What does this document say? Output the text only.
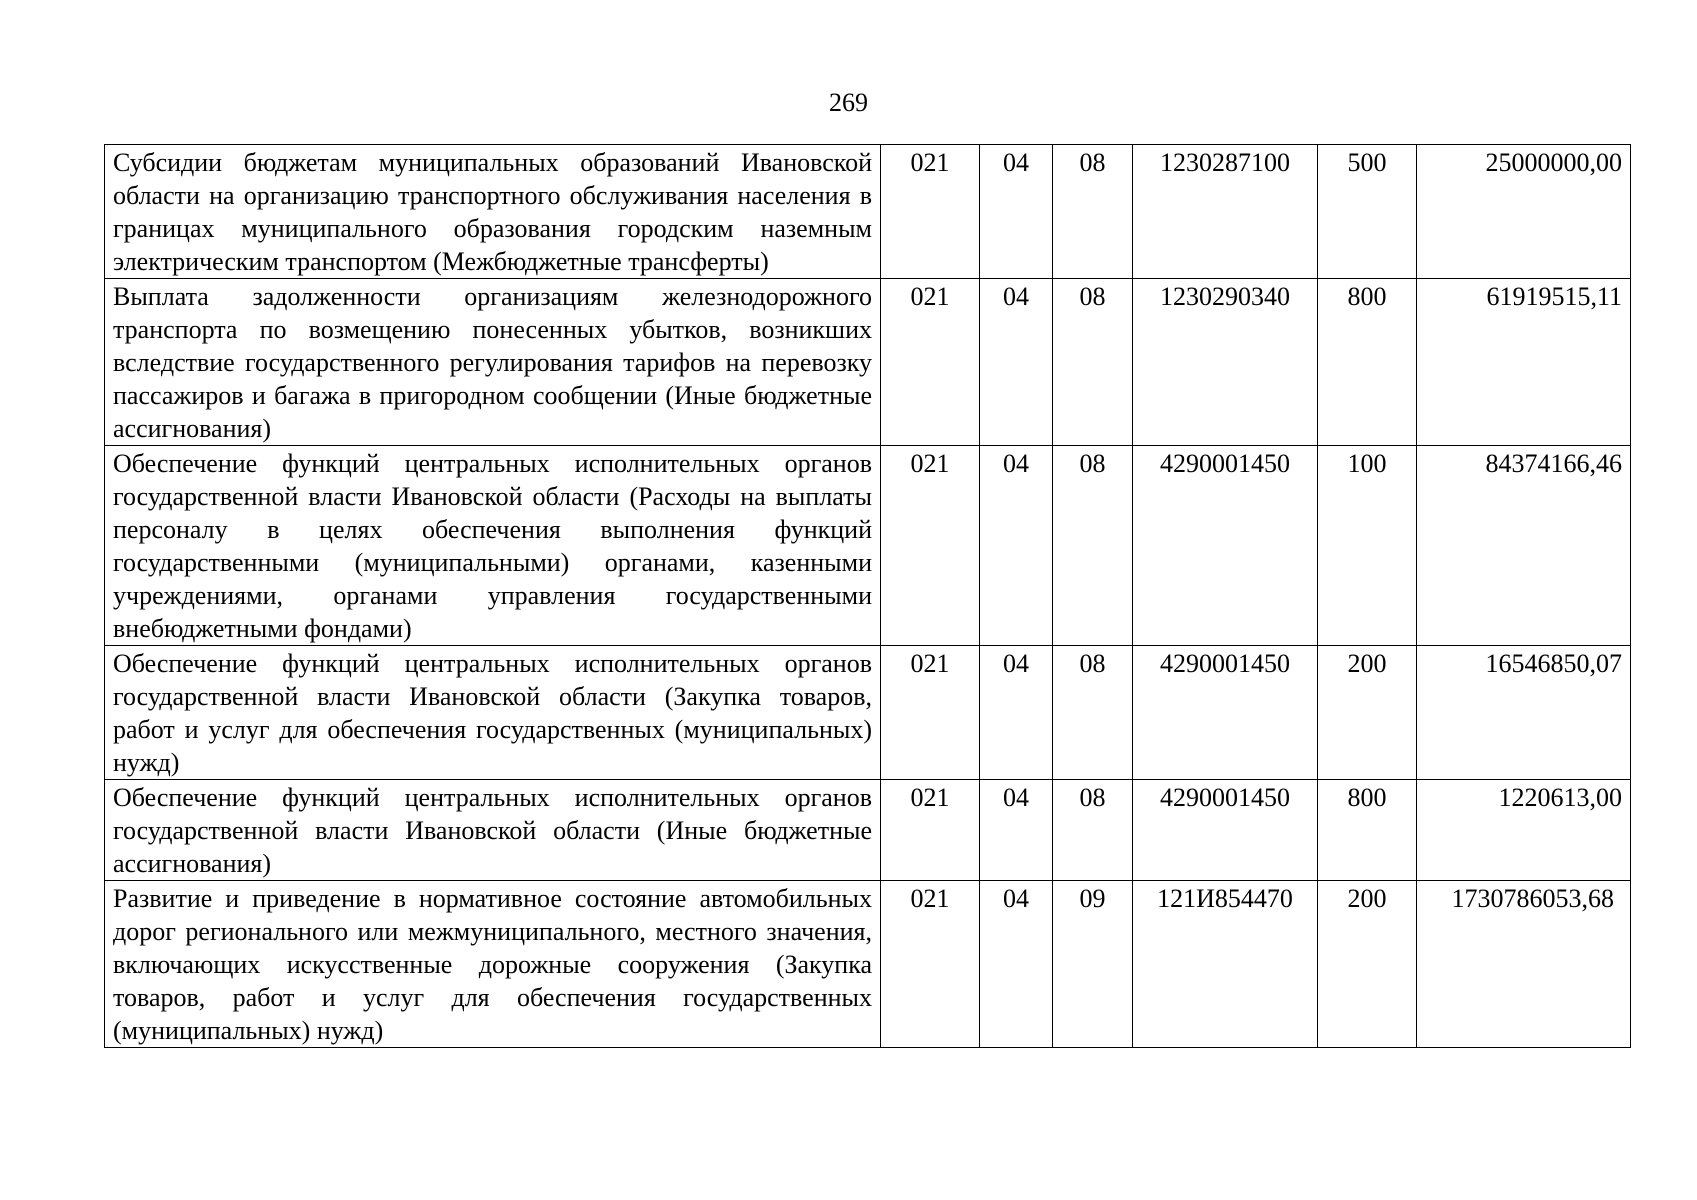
269
Субсидии бюджетам муниципальных образований Ивановской области на организацию транспортного обслуживания населения в границах муниципального образования городским наземным электрическим транспортом (Межбюджетные трансферты)	021	04	08	1230287100	500	25000000,00
Выплата задолженности организациям железнодорожного транспорта по возмещению понесенных убытков, возникших вследствие государственного регулирования тарифов на перевозку пассажиров и багажа в пригородном сообщении (Иные бюджетные ассигнования)	021	04	08	1230290340	800	61919515,11
Обеспечение функций центральных исполнительных органов государственной власти Ивановской области (Расходы на выплаты персоналу в целях обеспечения выполнения функций государственными (муниципальными) органами, казенными учреждениями, органами управления государственными внебюджетными фондами)	021	04	08	4290001450	100	84374166,46
Обеспечение функций центральных исполнительных органов государственной власти Ивановской области (Закупка товаров, работ и услуг для обеспечения государственных (муниципальных) нужд)	021	04	08	4290001450	200	16546850,07
Обеспечение функций центральных исполнительных органов государственной власти Ивановской области (Иные бюджетные ассигнования)	021	04	08	4290001450	800	1220613,00
Развитие и приведение в нормативное состояние автомобильных дорог регионального или межмуниципального, местного значения, включающих искусственные дорожные сооружения (Закупка товаров, работ и услуг для обеспечения государственных (муниципальных) нужд)	021	04	09	121И854470	200	1730786053,68
